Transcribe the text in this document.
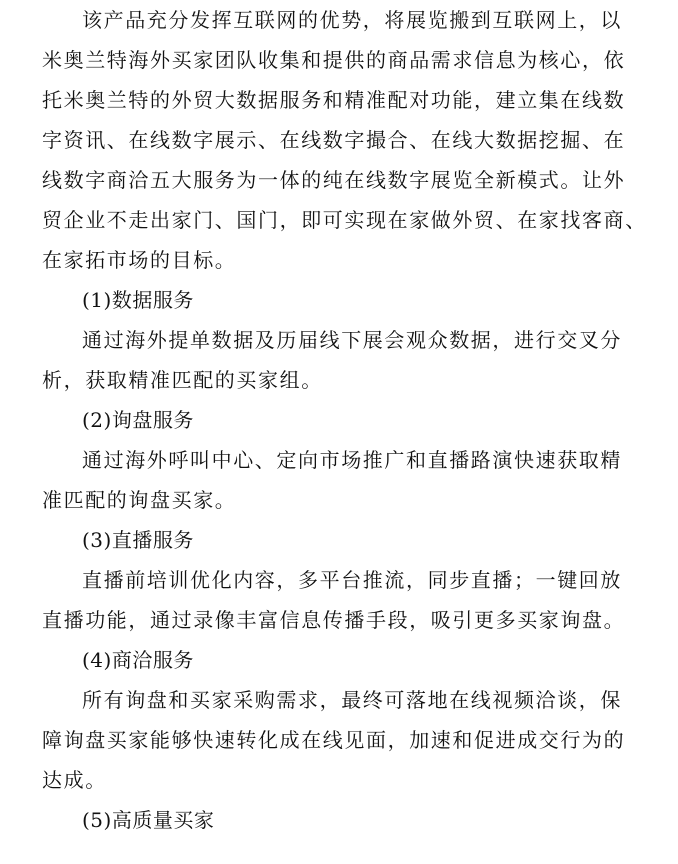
该产品充分发挥互联网的优势，将展览搬到互联网上，以
米奥兰特海外买家团队收集和提供的商品需求信息为核心，依
托米奥兰特的外贸大数据服务和精准配对功能，建立集在线数
字资讯、在线数字展示、在线数字撮合、在线大数据挖掘、在
线数字商洽五大服务为一体的纯在线数字展览全新模式。让外
贸企业不走出家门、国门，即可实现在家做外贸、在家找客商、
在家拓市场的目标。
(1)数据服务
通过海外提单数据及历届线下展会观众数据，进行交叉分
析，获取精准匹配的买家组。
(2)询盘服务
通过海外呼叫中心、定向市场推广和直播路演快速获取精
准匹配的询盘买家。
(3)直播服务
直播前培训优化内容，多平台推流，同步直播；一键回放
直播功能，通过录像丰富信息传播手段，吸引更多买家询盘。
(4)商洽服务
所有询盘和买家采购需求，最终可落地在线视频洽谈，保
障询盘买家能够快速转化成在线见面，加速和促进成交行为的
达成。
(5)高质量买家
